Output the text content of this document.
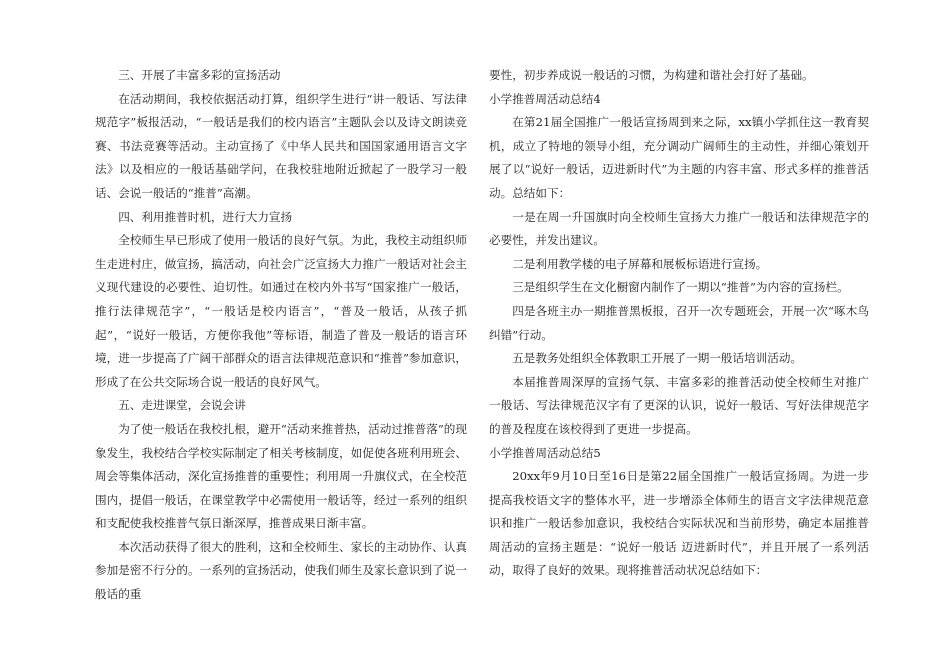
三、开展了丰富多彩的宣扬活动

在活动期间，我校依据活动打算，组织学生进行“讲一般话、写法律规范字”板报活动，“一般话是我们的校内语言”主题队会以及诗文朗读竞赛、书法竞赛等活动。主动宣扬了《中华人民共和国国家通用语言文字法》以及相应的一般话基础学问，在我校驻地附近掀起了一股学习一般话、会说一般话的“推普”高潮。

四、利用推普时机，进行大力宣扬

全校师生早已形成了使用一般话的良好气氛。为此，我校主动组织师生走进村庄，做宣扬，搞活动，向社会广泛宣扬大力推广一般话对社会主义现代建设的必要性、迫切性。如通过在校内外书写“国家推广一般话，推行法律规范字”，“一般话是校内语言”，“普及一般话，从孩子抓起”，“说好一般话，方便你我他”等标语，制造了普及一般话的语言环境，进一步提高了广阔干部群众的语言法律规范意识和“推普”参加意识，形成了在公共交际场合说一般话的良好风气。

五、走进课堂，会说会讲

为了使一般话在我校扎根，避开“活动来推普热，活动过推普落”的现象发生，我校结合学校实际制定了相关考核制度，如促使各班利用班会、周会等集体活动，深化宣扬推普的重要性；利用周一升旗仪式，在全校范围内，提倡一般话，在课堂教学中必需使用一般话等，经过一系列的组织和支配使我校推普气氛日渐深厚，推普成果日渐丰富。

本次活动获得了很大的胜利，这和全校师生、家长的主动协作、认真参加是密不行分的。一系列的宣扬活动，使我们师生及家长意识到了说一般话的重

要性，初步养成说一般话的习惯，为构建和谐社会打好了基础。

小学推普周活动总结4

在第21届全国推广一般话宣扬周到来之际，xx镇小学抓住这一教育契机，成立了特地的领导小组，充分调动广阔师生的主动性，并细心策划开展了以“说好一般话，迈进新时代”为主题的内容丰富、形式多样的推普活动。总结如下：

一是在周一升国旗时向全校师生宣扬大力推广一般话和法律规范字的必要性，并发出建议。

二是利用教学楼的电子屏幕和展板标语进行宣扬。

三是组织学生在文化橱窗内制作了一期以“推普”为内容的宣扬栏。

四是各班主办一期推普黑板报，召开一次专题班会，开展一次“啄木鸟纠错”行动。

五是教务处组织全体教职工开展了一期一般话培训活动。

本届推普周深厚的宣扬气氛、丰富多彩的推普活动使全校师生对推广一般话、写法律规范汉字有了更深的认识，说好一般话、写好法律规范字的普及程度在该校得到了更进一步提高。

小学推普周活动总结5

20xx年9月10日至16日是第22届全国推广一般话宣扬周。为进一步提高我校语文字的整体水平，进一步增添全体师生的语言文字法律规范意识和推广一般话参加意识，我校结合实际状况和当前形势，确定本届推普周活动的宣扬主题是：“说好一般话 迈进新时代”，并且开展了一系列活动，取得了良好的效果。现将推普活动状况总结如下：
